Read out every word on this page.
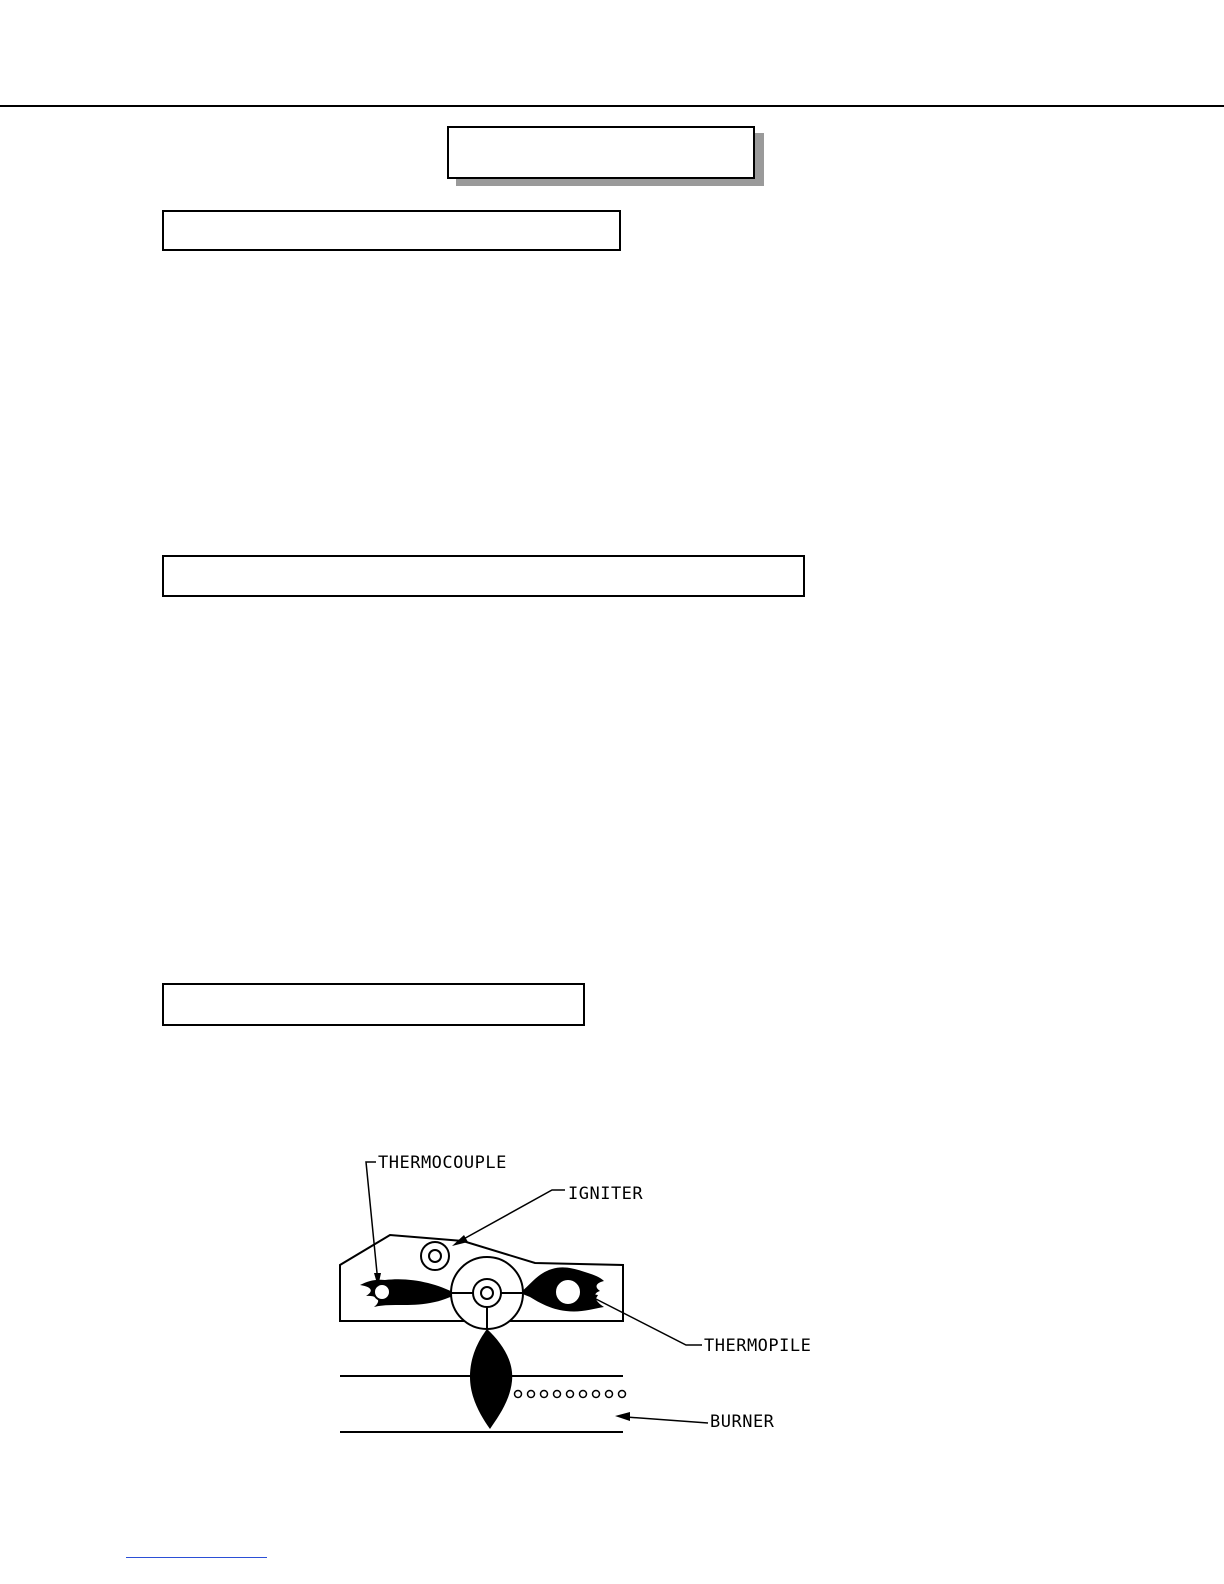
THERMOCOUPLE
IGNITER
THERMOPILE
BURNER
